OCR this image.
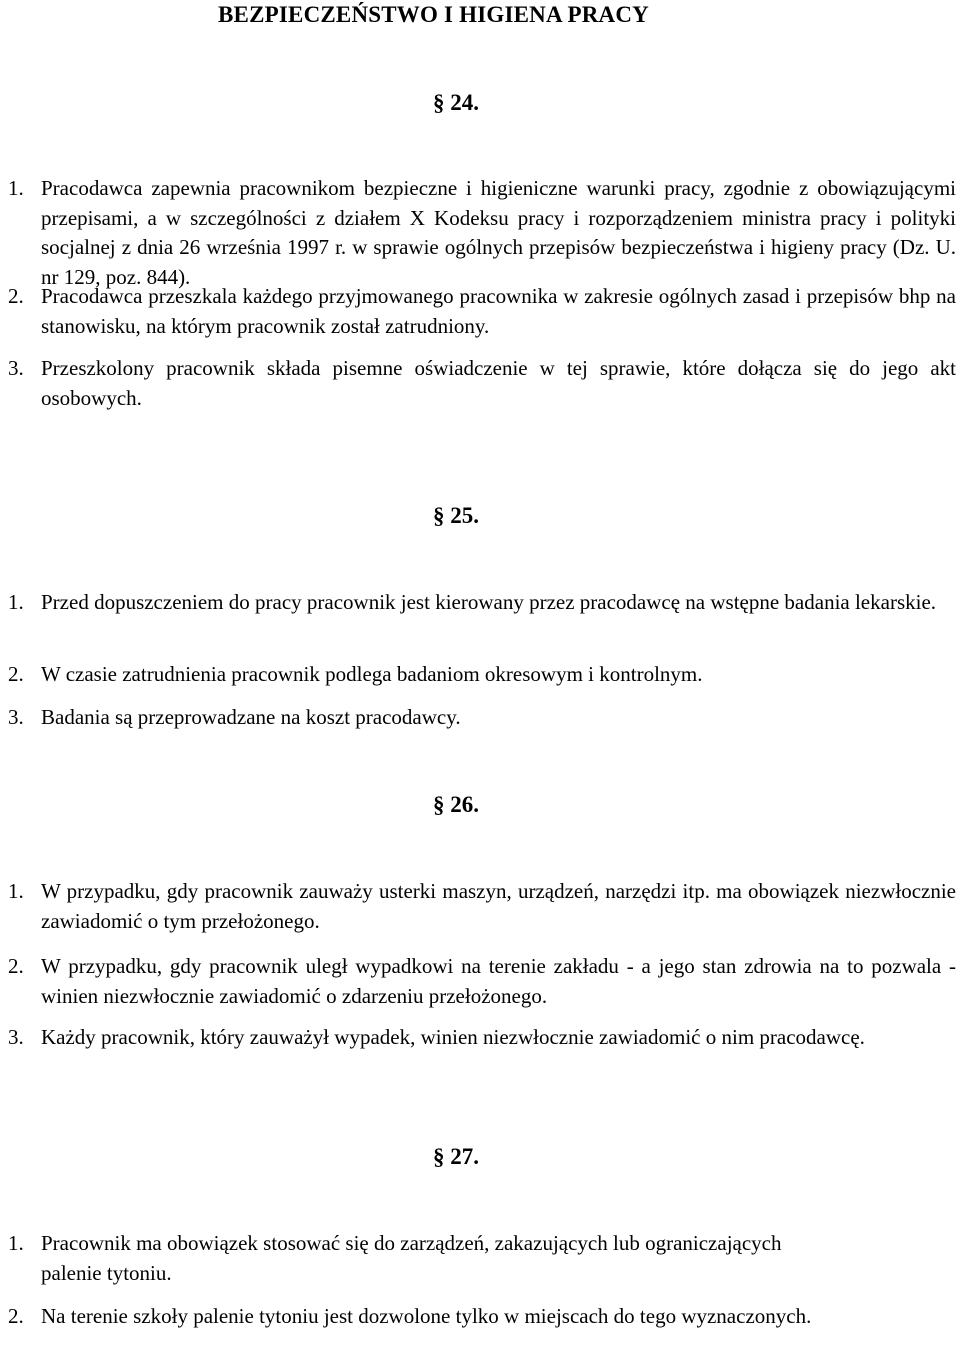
BEZPIECZEŃSTWO I HIGIENA PRACY
§ 24.
1. Pracodawca zapewnia pracownikom bezpieczne i higieniczne warunki pracy, zgodnie z obowiązującymi przepisami, a w szczególności z działem X Kodeksu pracy i rozporządzeniem ministra pracy i polityki socjalnej z dnia 26 września 1997 r. w sprawie ogólnych przepisów bezpieczeństwa i higieny pracy (Dz. U. nr 129, poz. 844).
2. Pracodawca przeszkala każdego przyjmowanego pracownika w zakresie ogólnych zasad i przepisów bhp na stanowisku, na którym pracownik został zatrudniony.
3. Przeszkolony pracownik składa pisemne oświadczenie w tej sprawie, które dołącza się do jego akt osobowych.
§ 25.
1. Przed dopuszczeniem do pracy pracownik jest kierowany przez pracodawcę na wstępne badania lekarskie.
2. W czasie zatrudnienia pracownik podlega badaniom okresowym i kontrolnym.
3. Badania są przeprowadzane na koszt pracodawcy.
§ 26.
1. W przypadku, gdy pracownik zauważy usterki maszyn, urządzeń, narzędzi itp. ma obowiązek niezwłocznie zawiadomić o tym przełożonego.
2. W przypadku, gdy pracownik uległ wypadkowi na terenie zakładu - a jego stan zdrowia na to pozwala - winien niezwłocznie zawiadomić o zdarzeniu przełożonego.
3. Każdy pracownik, który zauważył wypadek, winien niezwłocznie zawiadomić o nim pracodawcę.
§ 27.
1. Pracownik ma obowiązek stosować się do zarządzeń, zakazujących lub ograniczających palenie tytoniu.
2. Na terenie szkoły palenie tytoniu jest dozwolone tylko w miejscach do tego wyznaczonych.
